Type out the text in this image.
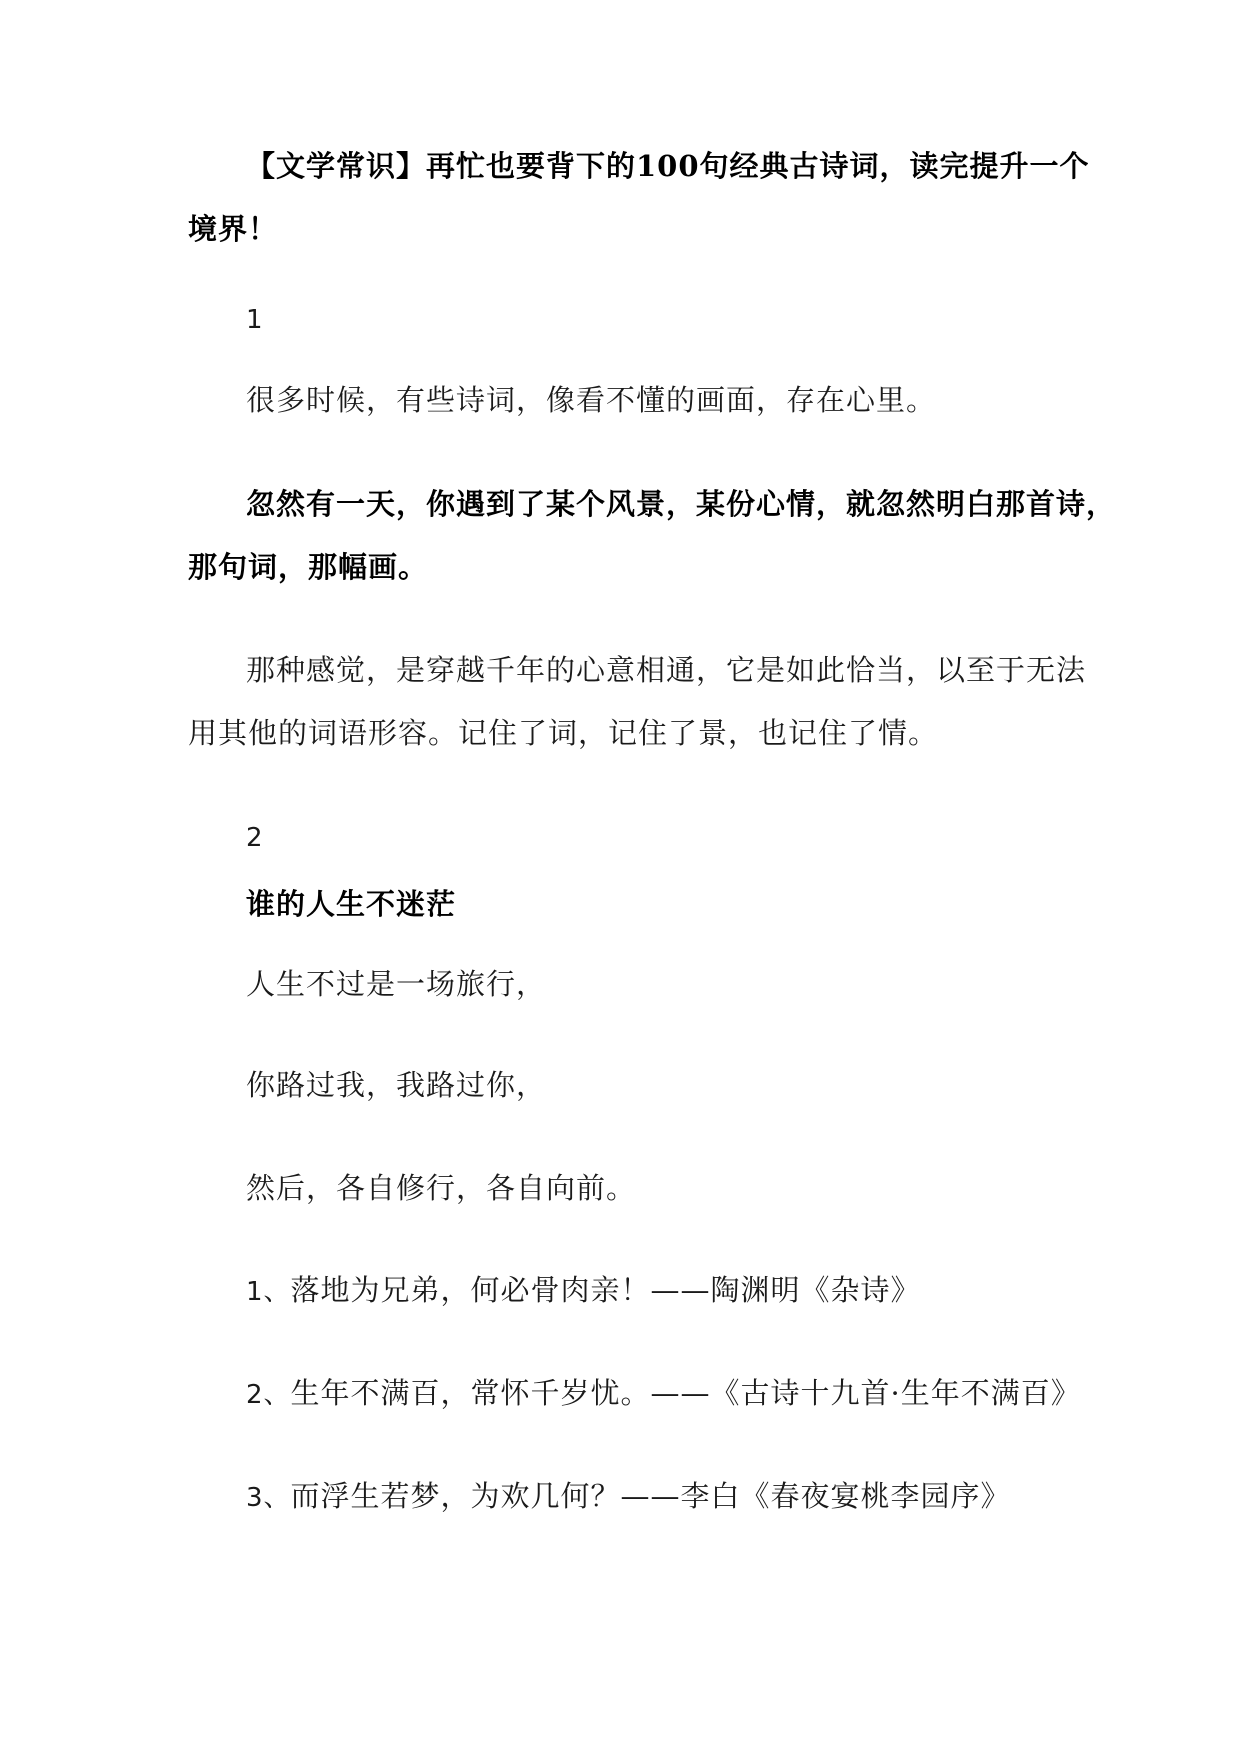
【文学常识】再忙也要背下的100句经典古诗词，读完提升一个
境界！
1
很多时候，有些诗词，像看不懂的画面，存在心里。
忽然有一天，你遇到了某个风景，某份心情，就忽然明白那首诗，
那句词，那幅画。
那种感觉，是穿越千年的心意相通，它是如此恰当，以至于无法
用其他的词语形容。记住了词，记住了景，也记住了情。
2
谁的人生不迷茫
人生不过是一场旅行，
你路过我，我路过你，
然后，各自修行，各自向前。
1、落地为兄弟，何必骨肉亲！——陶渊明《杂诗》
2、生年不满百，常怀千岁忧。——《古诗十九首·生年不满百》
3、而浮生若梦，为欢几何？——李白《春夜宴桃李园序》
